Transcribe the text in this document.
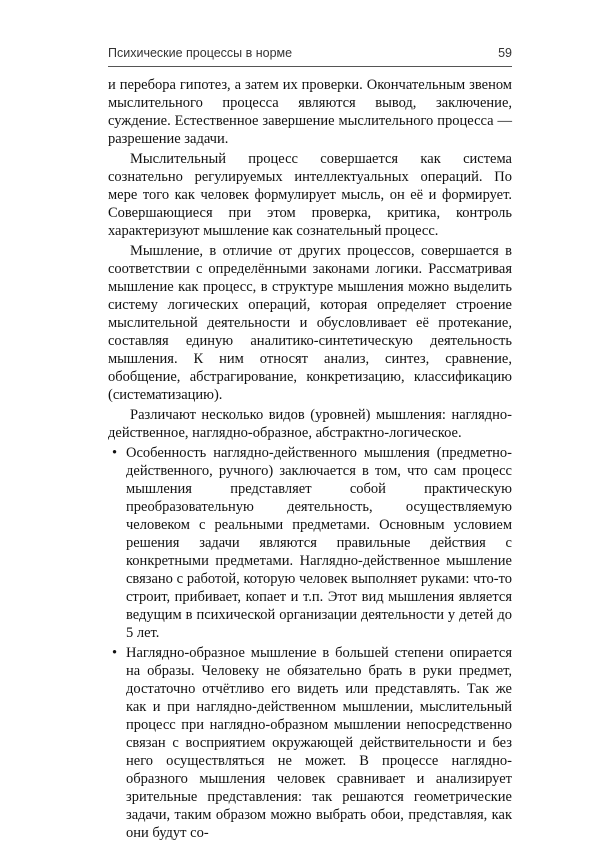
Психические процессы в норме	59

и перебора гипотез, а затем их проверки. Окончательным звеном мыслительного процесса являются вывод, заключение, суждение. Естественное завершение мыслительного процесса — разрешение задачи.

Мыслительный процесс совершается как система сознательно регулируемых интеллектуальных операций. По мере того как человек формулирует мысль, он её и формирует. Совершающиеся при этом проверка, критика, контроль характеризуют мышление как сознательный процесс.

Мышление, в отличие от других процессов, совершается в соответствии с определёнными законами логики. Рассматривая мышление как процесс, в структуре мышления можно выделить систему логических операций, которая определяет строение мыслительной деятельности и обусловливает её протекание, составляя единую аналитико-синтетическую деятельность мышления. К ним относят анализ, синтез, сравнение, обобщение, абстрагирование, конкретизацию, классификацию (систематизацию).

Различают несколько видов (уровней) мышления: наглядно-действенное, наглядно-образное, абстрактно-логическое.

• Особенность наглядно-действенного мышления (предметно-действенного, ручного) заключается в том, что сам процесс мышления представляет собой практическую преобразовательную деятельность, осуществляемую человеком с реальными предметами. Основным условием решения задачи являются правильные действия с конкретными предметами. Наглядно-действенное мышление связано с работой, которую человек выполняет руками: что-то строит, прибивает, копает и т.п. Этот вид мышления является ведущим в психической организации деятельности у детей до 5 лет.
• Наглядно-образное мышление в большей степени опирается на образы. Человеку не обязательно брать в руки предмет, достаточно отчётливо его видеть или представлять. Так же как и при наглядно-действенном мышлении, мыслительный процесс при наглядно-образном мышлении непосредственно связан с восприятием окружающей действительности и без него осуществляться не может. В процессе наглядно-образного мышления человек сравнивает и анализирует зрительные представления: так решаются геометрические задачи, таким образом можно выбрать обои, представляя, как они будут со-
